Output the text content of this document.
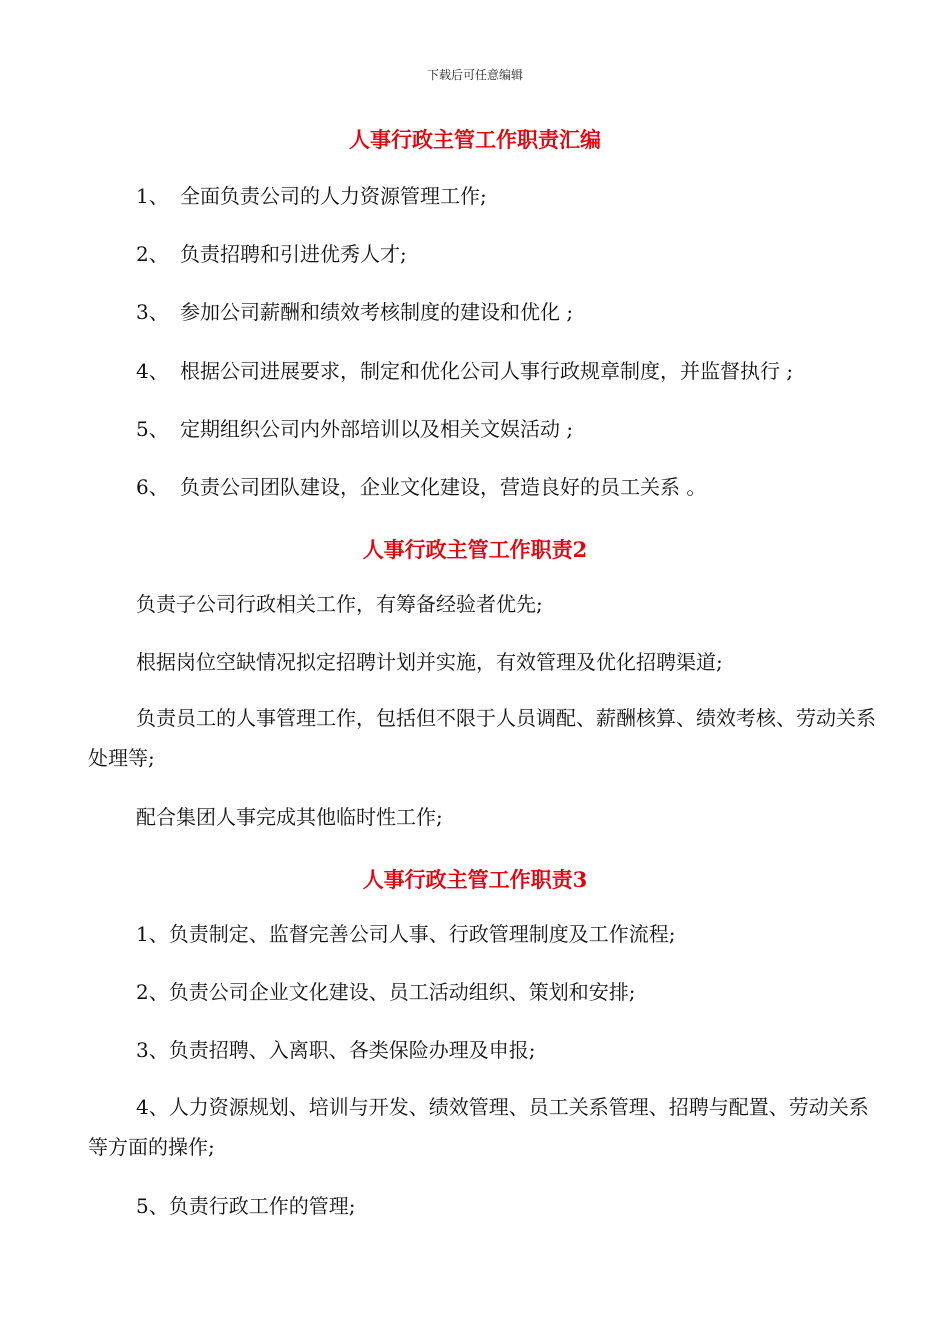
下载后可任意编辑
人事行政主管工作职责汇编
1、 全面负责公司的人力资源管理工作;
2、 负责招聘和引进优秀人才;
3、 参加公司薪酬和绩效考核制度的建设和优化 ;
4、 根据公司进展要求，制定和优化公司人事行政规章制度，并监督执行 ;
5、 定期组织公司内外部培训以及相关文娱活动 ;
6、 负责公司团队建设，企业文化建设，营造良好的员工关系 。
人事行政主管工作职责2

负责子公司行政相关工作，有筹备经验者优先;

根据岗位空缺情况拟定招聘计划并实施，有效管理及优化招聘渠道;

负责员工的人事管理工作，包括但不限于人员调配、薪酬核算、绩效考核、劳动关系处理等;

配合集团人事完成其他临时性工作;

人事行政主管工作职责3

1、负责制定、监督完善公司人事、行政管理制度及工作流程;

2、负责公司企业文化建设、员工活动组织、策划和安排;

3、负责招聘、入离职、各类保险办理及申报;

4、人力资源规划、培训与开发、绩效管理、员工关系管理、招聘与配置、劳动关系等方面的操作;

5、负责行政工作的管理;
